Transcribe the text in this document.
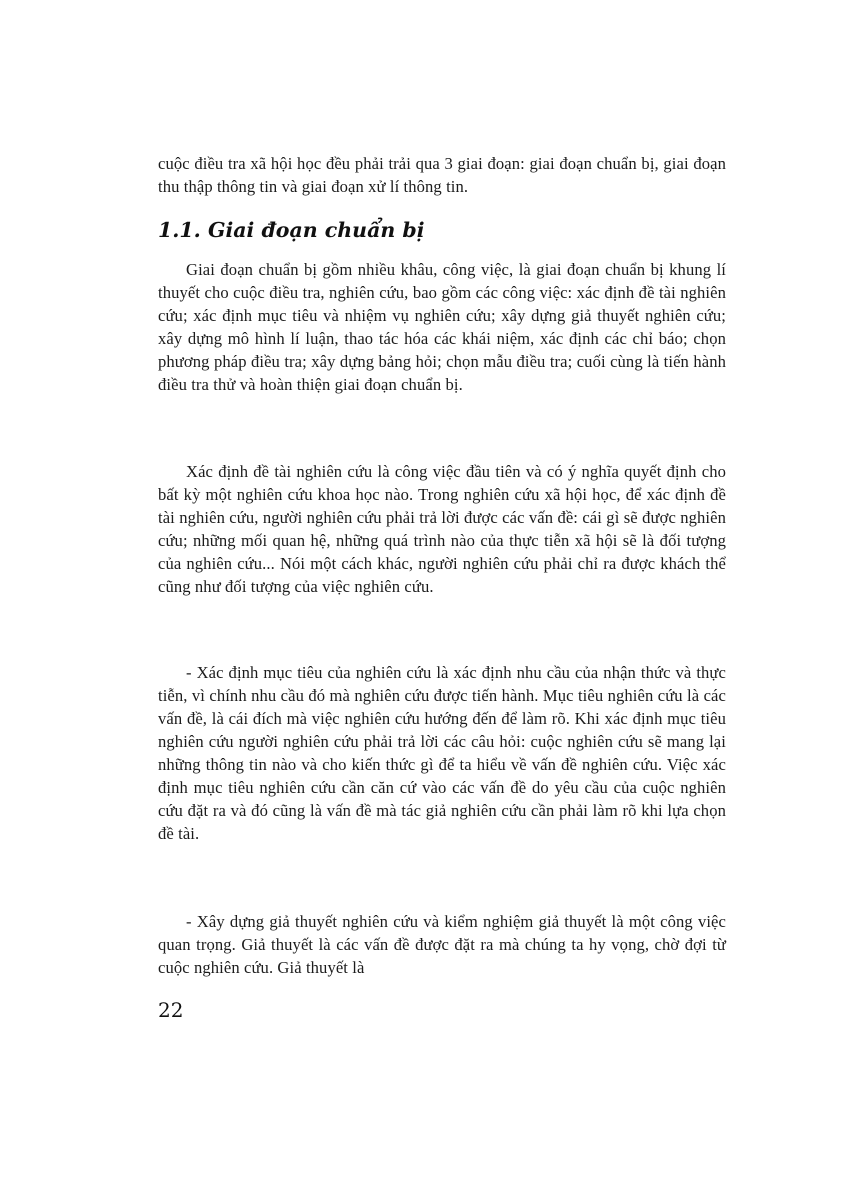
cuộc điều tra xã hội học đều phải trải qua 3 giai đoạn: giai đoạn chuẩn bị, giai đoạn thu thập thông tin và giai đoạn xử lí thông tin.

1.1. Giai đoạn chuẩn bị

Giai đoạn chuẩn bị gồm nhiều khâu, công việc, là giai đoạn chuẩn bị khung lí thuyết cho cuộc điều tra, nghiên cứu, bao gồm các công việc: xác định đề tài nghiên cứu; xác định mục tiêu và nhiệm vụ nghiên cứu; xây dựng giả thuyết nghiên cứu; xây dựng mô hình lí luận, thao tác hóa các khái niệm, xác định các chỉ báo; chọn phương pháp điều tra; xây dựng bảng hỏi; chọn mẫu điều tra; cuối cùng là tiến hành điều tra thử và hoàn thiện giai đoạn chuẩn bị.

Xác định đề tài nghiên cứu là công việc đầu tiên và có ý nghĩa quyết định cho bất kỳ một nghiên cứu khoa học nào. Trong nghiên cứu xã hội học, để xác định đề tài nghiên cứu, người nghiên cứu phải trả lời được các vấn đề: cái gì sẽ được nghiên cứu; những mối quan hệ, những quá trình nào của thực tiễn xã hội sẽ là đối tượng của nghiên cứu... Nói một cách khác, người nghiên cứu phải chỉ ra được khách thể cũng như đối tượng của việc nghiên cứu.

- Xác định mục tiêu của nghiên cứu là xác định nhu cầu của nhận thức và thực tiễn, vì chính nhu cầu đó mà nghiên cứu được tiến hành. Mục tiêu nghiên cứu là các vấn đề, là cái đích mà việc nghiên cứu hướng đến để làm rõ. Khi xác định mục tiêu nghiên cứu người nghiên cứu phải trả lời các câu hỏi: cuộc nghiên cứu sẽ mang lại những thông tin nào và cho kiến thức gì để ta hiểu về vấn đề nghiên cứu. Việc xác định mục tiêu nghiên cứu cần căn cứ vào các vấn đề do yêu cầu của cuộc nghiên cứu đặt ra và đó cũng là vấn đề mà tác giả nghiên cứu cần phải làm rõ khi lựa chọn đề tài.

- Xây dựng giả thuyết nghiên cứu và kiểm nghiệm giả thuyết là một công việc quan trọng. Giả thuyết là các vấn đề được đặt ra mà chúng ta hy vọng, chờ đợi từ cuộc nghiên cứu. Giả thuyết là

22
